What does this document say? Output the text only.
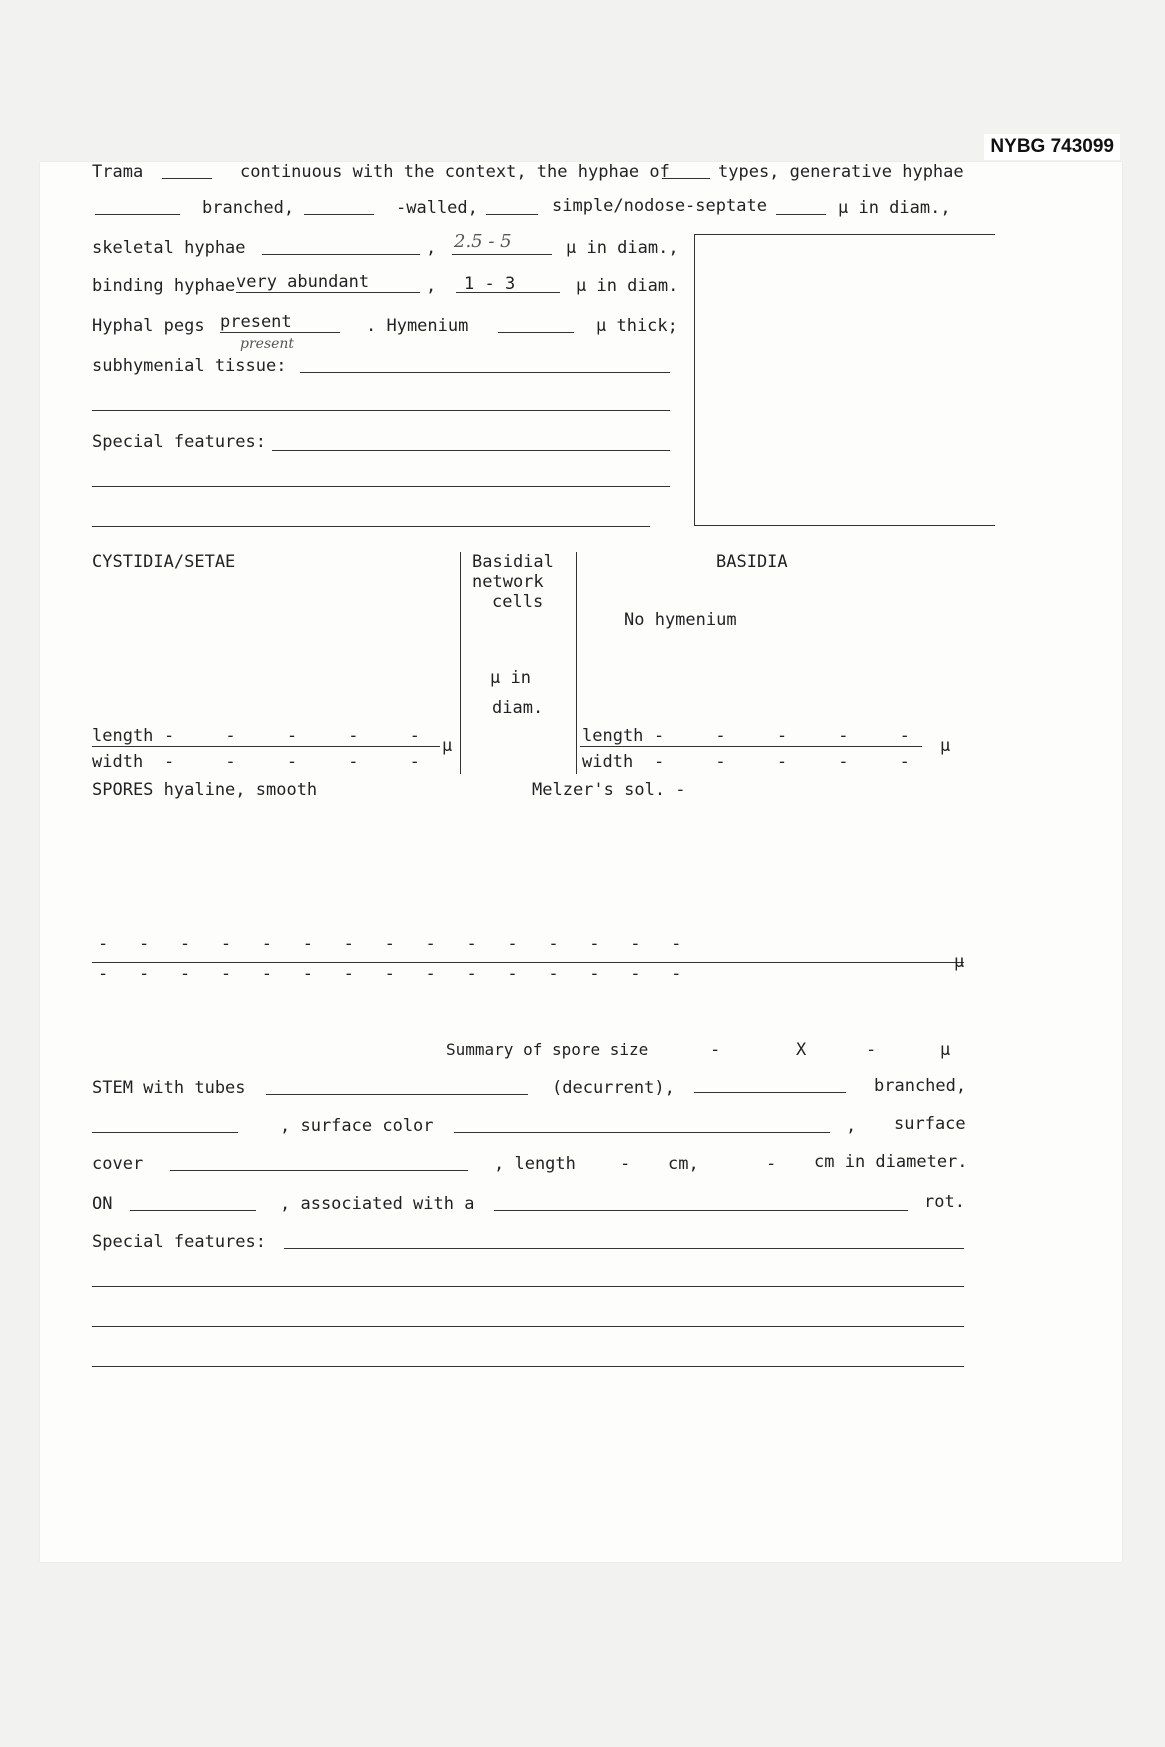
NYBG 743099
Trama	continuous with the context, the hyphae of	types, generative hyphae
branched,	-walled,	simple/nodose-septate	µ in diam.,
skeletal hyphae	, 2.5 - 5	µ in diam.,
binding hyphae very abundant	, 1 - 3	µ in diam.
Hyphal pegs present
present
. Hymenium	µ thick;
subhymenial tissue:
Special features:
CYSTIDIA/SETAE	Basidial
network
cells
µ in
diam.
BASIDIA
No hymenium
length -     -     -     -     - µ
width -     -     -     -     -
length -     -     -     -     - µ
width -     -     -     -     -
SPORES hyaline, smooth	Melzer's sol. -
-   -   -   -   -   -   -   -   -   -   -   -   -   -   -
µ
-   -   -   -   -   -   -   -   -   -   -   -   -   -   -
Summary of spore size	-	X	-	µ
STEM with tubes	(decurrent),	branched,
, surface color	, surface
cover	, length	- cm,	- cm in diameter.
ON	, associated with a	rot.
Special features:
